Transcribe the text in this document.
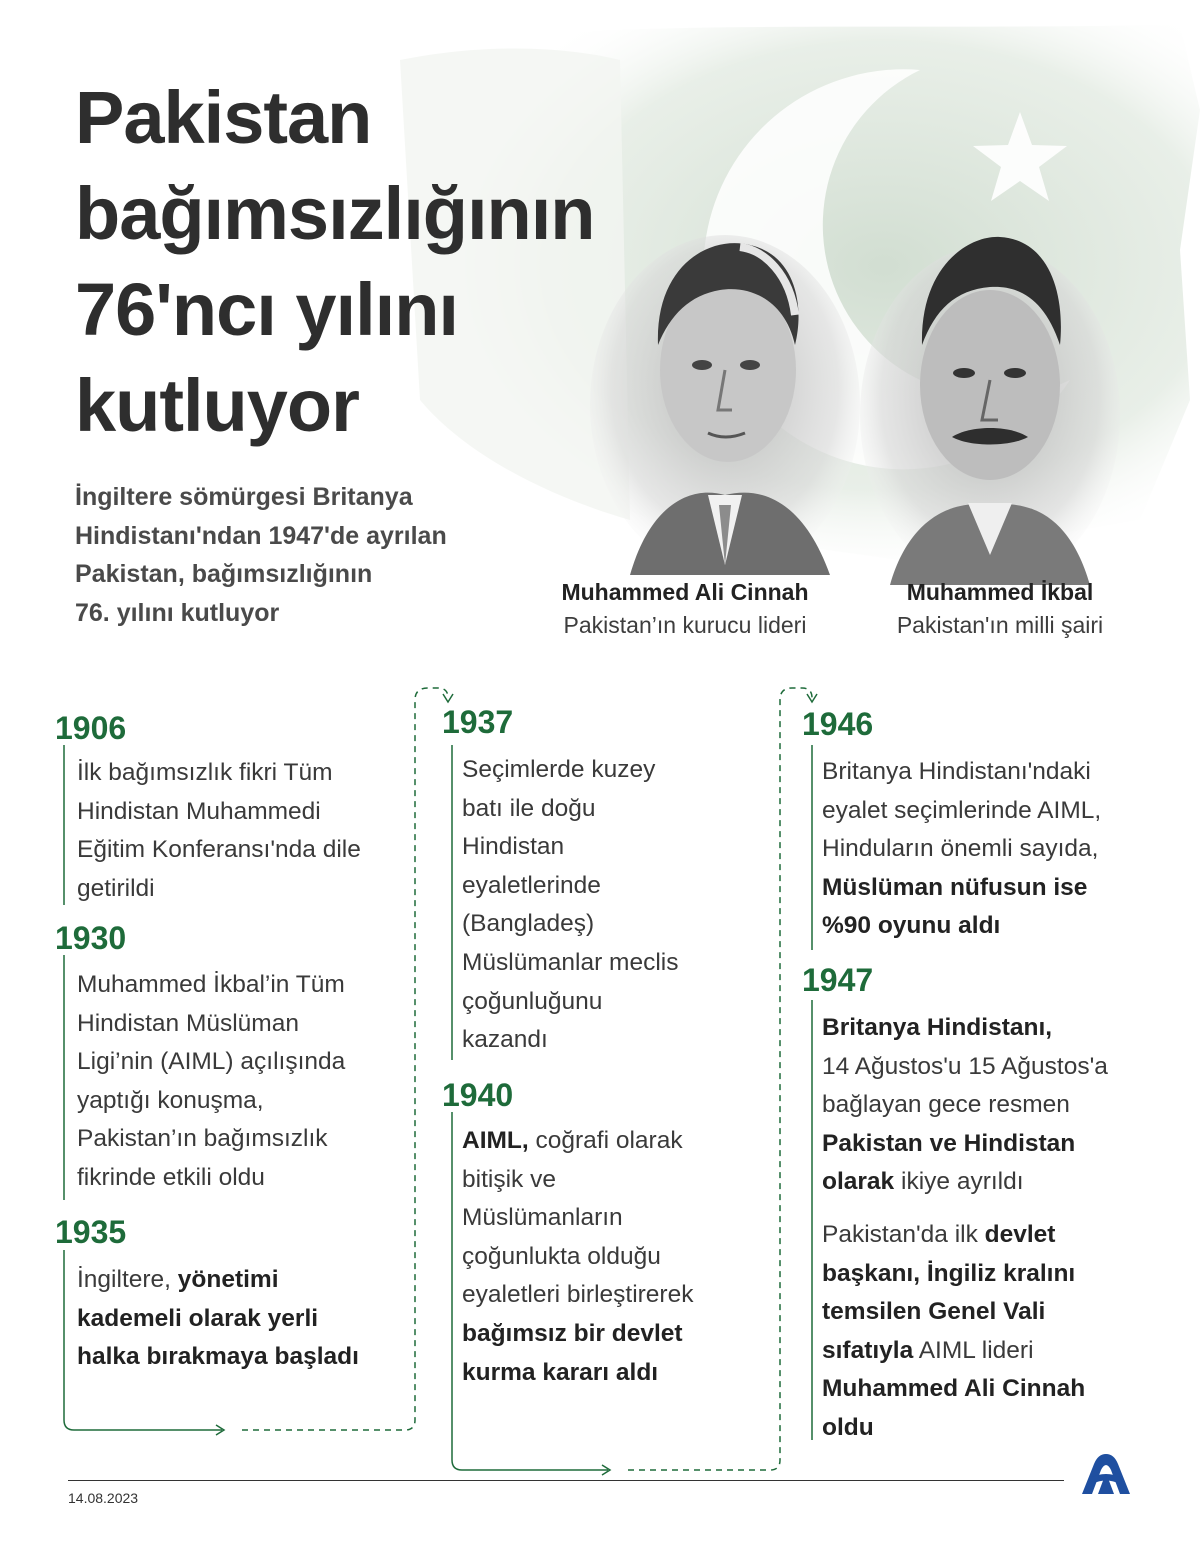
Pakistan
bağımsızlığının
76'ncı yılını
kutluyor
İngiltere sömürgesi Britanya
Hindistanı'ndan 1947'de ayrılan
Pakistan, bağımsızlığının
76. yılını kutluyor
Muhammed Ali Cinnah
Pakistan’ın kurucu lideri
Muhammed İkbal
Pakistan'ın milli şairi
1906
İlk bağımsızlık fikri Tüm
Hindistan Muhammedi
Eğitim Konferansı'nda dile
getirildi
1930
Muhammed İkbal’in Tüm
Hindistan Müslüman
Ligi’nin (AIML) açılışında
yaptığı konuşma,
Pakistan’ın bağımsızlık
fikrinde etkili oldu
1935
İngiltere, yönetimi
kademeli olarak yerli
halka bırakmaya başladı
1937
Seçimlerde kuzey
batı ile doğu
Hindistan
eyaletlerinde
(Bangladeş)
Müslümanlar meclis
çoğunluğunu
kazandı
1940
AIML, coğrafi olarak
bitişik ve
Müslümanların
çoğunlukta olduğu
eyaletleri birleştirerek
bağımsız bir devlet
kurma kararı aldı
1946
Britanya Hindistanı'ndaki
eyalet seçimlerinde AIML,
Hinduların önemli sayıda,
Müslüman nüfusun ise
%90 oyunu aldı
1947
Britanya Hindistanı,
14 Ağustos'u 15 Ağustos'a
bağlayan gece resmen
Pakistan ve Hindistan
olarak ikiye ayrıldı
Pakistan'da ilk devlet
başkanı, İngiliz kralını
temsilen Genel Vali
sıfatıyla AIML lideri
Muhammed Ali Cinnah
oldu
14.08.2023
